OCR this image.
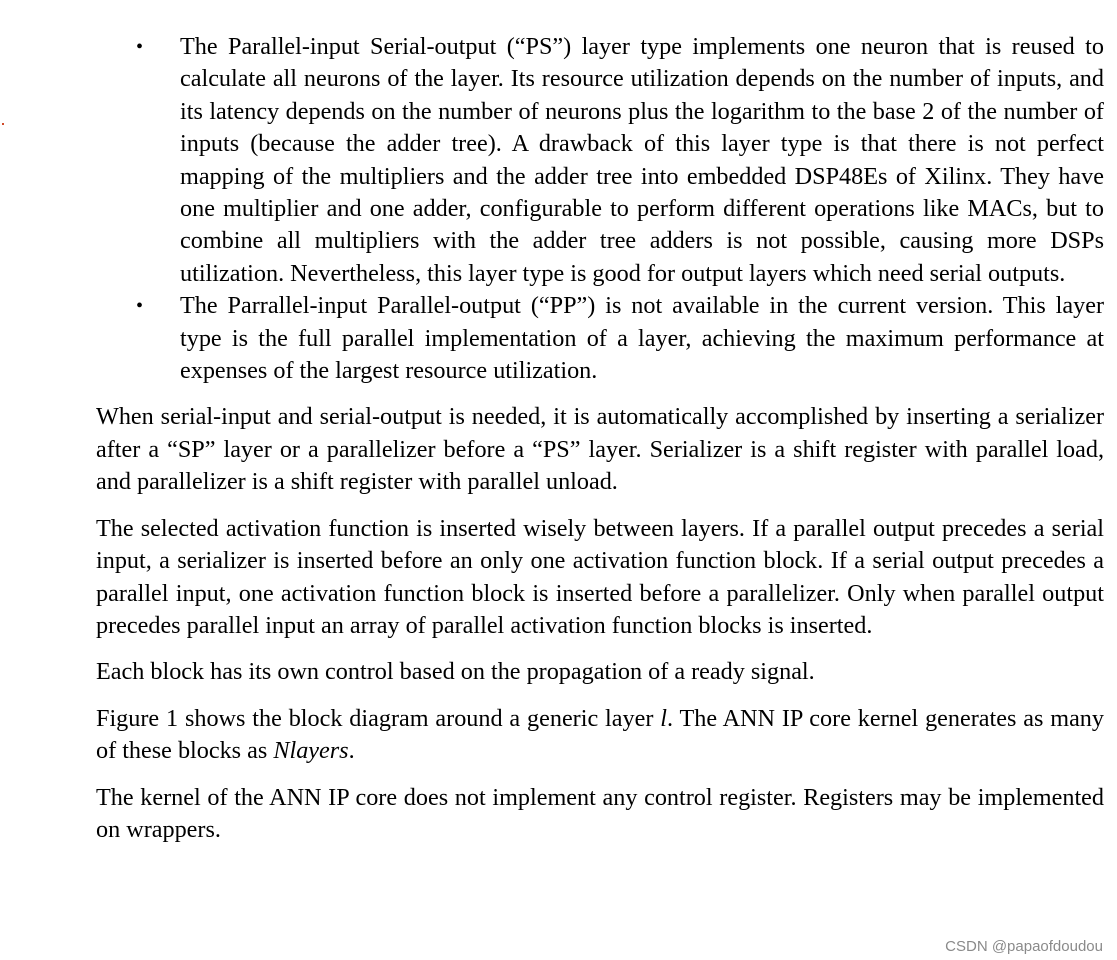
• The Parallel-input Serial-output (“PS”) layer type implements one neuron that is reused to calculate all neurons of the layer. Its resource utilization depends on the number of inputs, and its latency depends on the number of neurons plus the logarithm to the base 2 of the number of inputs (because the adder tree). A drawback of this layer type is that there is not perfect mapping of the multipliers and the adder tree into embedded DSP48Es of Xilinx. They have one multiplier and one adder, configurable to perform different operations like MACs, but to combine all multipliers with the adder tree adders is not possible, causing more DSPs utilization. Nevertheless, this layer type is good for output layers which need serial outputs.

• The Parrallel-input Parallel-output (“PP”) is not available in the current version. This layer type is the full parallel implementation of a layer, achieving the maximum performance at expenses of the largest resource utilization.

When serial-input and serial-output is needed, it is automatically accomplished by inserting a serializer after a “SP” layer or a parallelizer before a “PS” layer. Serializer is a shift register with parallel load, and parallelizer is a shift register with parallel unload.

The selected activation function is inserted wisely between layers. If a parallel output precedes a serial input, a serializer is inserted before an only one activation function block. If a serial output precedes a parallel input, one activation function block is inserted before a parallelizer. Only when parallel output precedes parallel input an array of parallel activation function blocks is inserted.

Each block has its own control based on the propagation of a ready signal.

Figure 1 shows the block diagram around a generic layer l. The ANN IP core kernel generates as many of these blocks as Nlayers.

The kernel of the ANN IP core does not implement any control register. Registers may be implemented on wrappers.

CSDN @papaofdoudou
